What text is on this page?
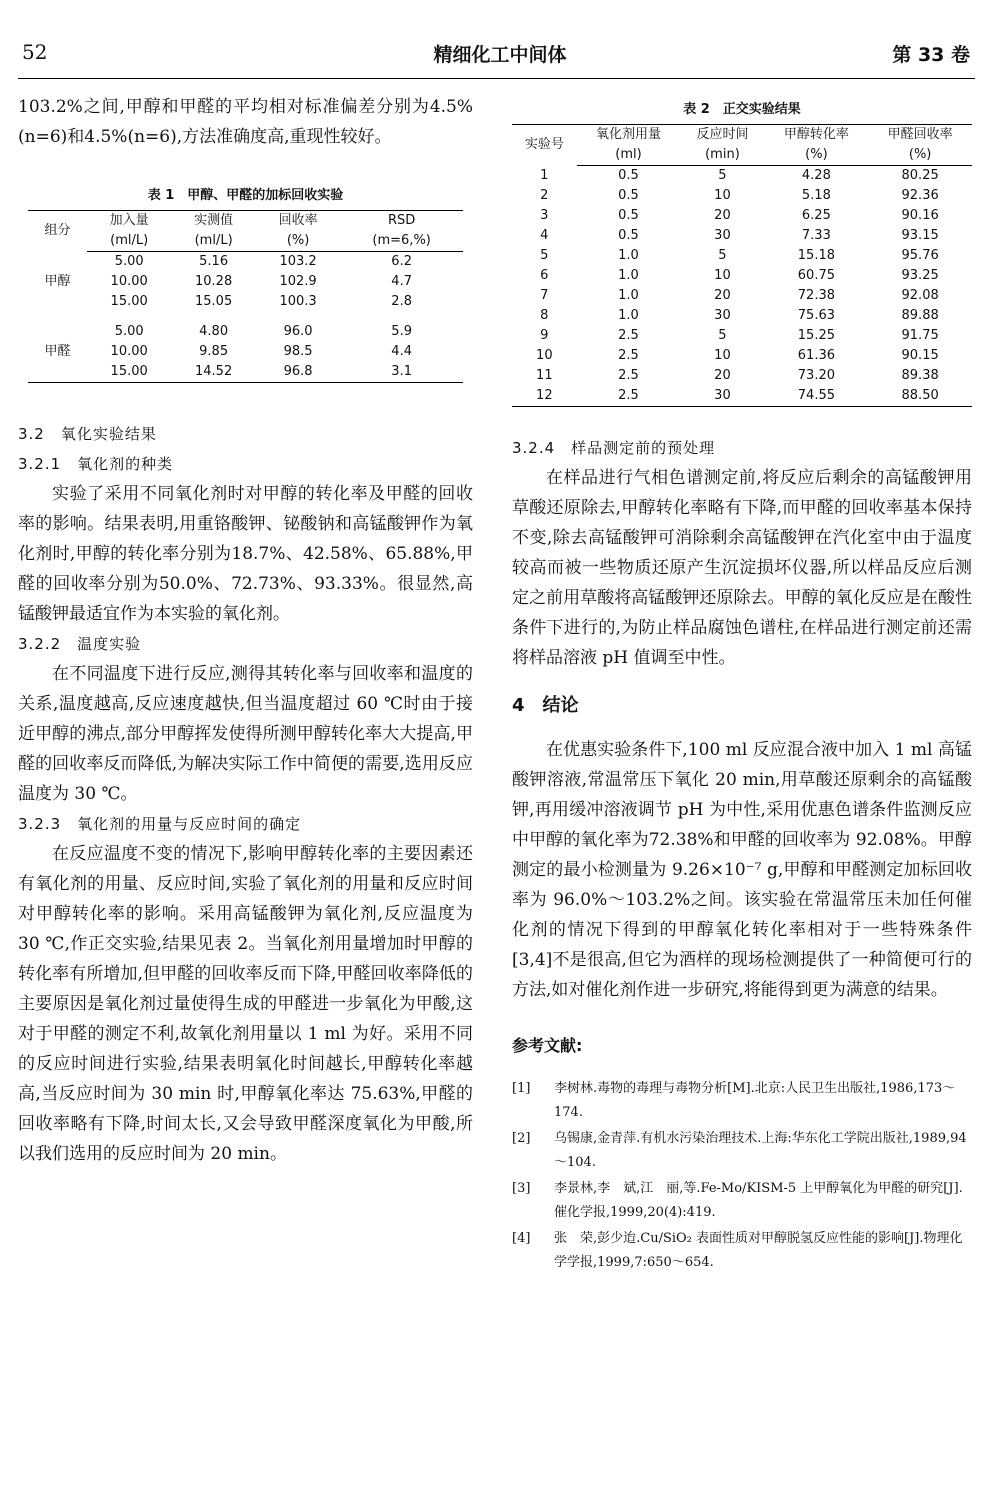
52	精细化工中间体	第 33 卷

103.2%之间,甲醇和甲醛的平均相对标准偏差分别为4.5%(n=6)和4.5%(n=6),方法准确度高,重现性较好。

表 1　甲醇、甲醛的加标回收实验
组分	加入量	实测值	回收率	RSD
	(ml/L)	(ml/L)	(%)	(m=6,%)
甲醇	5.00	5.16	103.2	6.2
	10.00	10.28	102.9	4.7
	15.00	15.05	100.3	2.8

甲醛	5.00	4.80	96.0	5.9
	10.00	9.85	98.5	4.4
	15.00	14.52	96.8	3.1
3.2　氧化实验结果
3.2.1　氧化剂的种类

实验了采用不同氧化剂时对甲醇的转化率及甲醛的回收率的影响。结果表明,用重铬酸钾、铋酸钠和高锰酸钾作为氧化剂时,甲醇的转化率分别为18.7%、42.58%、65.88%,甲醛的回收率分别为50.0%、72.73%、93.33%。很显然,高锰酸钾最适宜作为本实验的氧化剂。

3.2.2　温度实验

在不同温度下进行反应,测得其转化率与回收率和温度的关系,温度越高,反应速度越快,但当温度超过 60 ℃时由于接近甲醇的沸点,部分甲醇挥发使得所测甲醇转化率大大提高,甲醛的回收率反而降低,为解决实际工作中简便的需要,选用反应温度为 30 ℃。

3.2.3　氧化剂的用量与反应时间的确定

在反应温度不变的情况下,影响甲醇转化率的主要因素还有氧化剂的用量、反应时间,实验了氧化剂的用量和反应时间对甲醇转化率的影响。采用高锰酸钾为氧化剂,反应温度为 30 ℃,作正交实验,结果见表 2。当氧化剂用量增加时甲醇的转化率有所增加,但甲醛的回收率反而下降,甲醛回收率降低的主要原因是氧化剂过量使得生成的甲醛进一步氧化为甲酸,这对于甲醛的测定不利,故氧化剂用量以 1 ml 为好。采用不同的反应时间进行实验,结果表明氧化时间越长,甲醇转化率越高,当反应时间为 30 min 时,甲醇氧化率达 75.63%,甲醛的回收率略有下降,时间太长,又会导致甲醛深度氧化为甲酸,所以我们选用的反应时间为 20 min。

表 2　正交实验结果
实验号	氧化剂用量	反应时间	甲醇转化率	甲醛回收率
	(ml)	(min)	(%)	(%)
1	0.5	5	4.28	80.25
2	0.5	10	5.18	92.36
3	0.5	20	6.25	90.16
4	0.5	30	7.33	93.15
5	1.0	5	15.18	95.76
6	1.0	10	60.75	93.25
7	1.0	20	72.38	92.08
8	1.0	30	75.63	89.88
9	2.5	5	15.25	91.75
10	2.5	10	61.36	90.15
11	2.5	20	73.20	89.38
12	2.5	30	74.55	88.50
3.2.4　样品测定前的预处理

在样品进行气相色谱测定前,将反应后剩余的高锰酸钾用草酸还原除去,甲醇转化率略有下降,而甲醛的回收率基本保持不变,除去高锰酸钾可消除剩余高锰酸钾在汽化室中由于温度较高而被一些物质还原产生沉淀损坏仪器,所以样品反应后测定之前用草酸将高锰酸钾还原除去。甲醇的氧化反应是在酸性条件下进行的,为防止样品腐蚀色谱柱,在样品进行测定前还需将样品溶液 pH 值调至中性。

4　结论

在优惠实验条件下,100 ml 反应混合液中加入 1 ml 高锰酸钾溶液,常温常压下氧化 20 min,用草酸还原剩余的高锰酸钾,再用缓冲溶液调节 pH 为中性,采用优惠色谱条件监测反应中甲醇的氧化率为72.38%和甲醛的回收率为 92.08%。甲醇测定的最小检测量为 9.26×10⁻⁷ g,甲醇和甲醛测定加标回收率为 96.0%～103.2%之间。该实验在常温常压未加任何催化剂的情况下得到的甲醇氧化转化率相对于一些特殊条件[3,4]不是很高,但它为酒样的现场检测提供了一种简便可行的方法,如对催化剂作进一步研究,将能得到更为满意的结果。

参考文献:
[1] 李树林.毒物的毒理与毒物分析[M].北京:人民卫生出版社,1986,173～174.
[2] 乌锡康,金青萍.有机水污染治理技术.上海:华东化工学院出版社,1989,94～104.
[3] 李景林,李　斌,江　丽,等.Fe-Mo/KISM-5 上甲醇氧化为甲醛的研究[J].催化学报,1999,20(4):419.
[4] 张　荣,彭少迨.Cu/SiO₂ 表面性质对甲醇脱氢反应性能的影响[J].物理化学学报,1999,7:650～654.
